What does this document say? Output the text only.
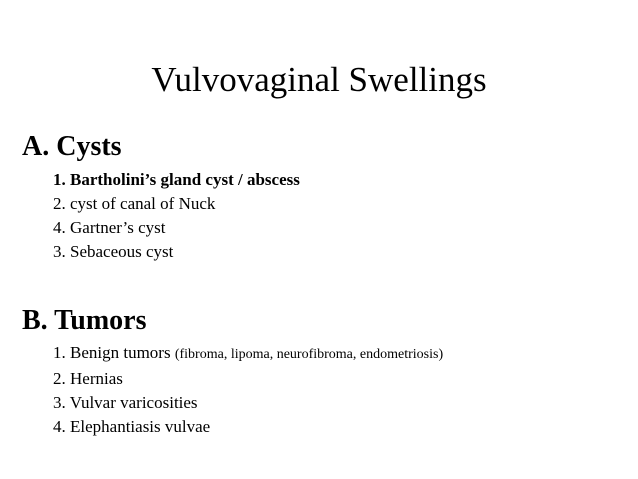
Vulvovaginal Swellings
A. Cysts
1. Bartholini’s gland cyst / abscess
2. cyst of canal of Nuck
4. Gartner’s cyst
3. Sebaceous cyst
B. Tumors
1. Benign tumors (fibroma, lipoma, neurofibroma, endometriosis)
2. Hernias
3. Vulvar varicosities
4. Elephantiasis vulvae
